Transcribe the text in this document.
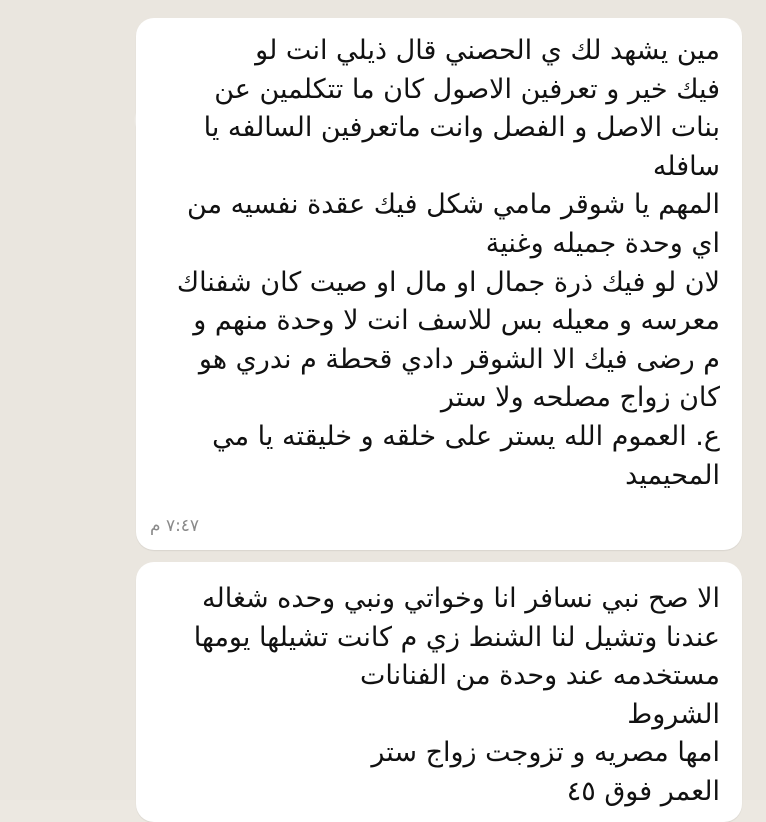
مين يشهد لك ي الحصني قال ذيلي انت لو
فيك خير و تعرفين الاصول كان ما تتكلمين عن
بنات الاصل و الفصل وانت ماتعرفين السالفه يا
سافله
المهم يا شوقر مامي شكل فيك عقدة نفسيه من
اي وحدة جميله وغنية
لان لو فيك ذرة جمال او مال او صيت كان شفناك
معرسه و معيله بس للاسف انت لا وحدة منهم و
م رضى فيك الا الشوقر دادي قحطة م ندري هو
كان زواج مصلحه ولا ستر
ع. العموم الله يستر على خلقه و خليقته يا مي
المحيميد
٧:٤٧ م
الا صح نبي نسافر انا وخواتي ونبي وحده شغاله
عندنا وتشيل لنا الشنط زي م كانت تشيلها يومها
مستخدمه عند وحدة من الفنانات
الشروط
امها مصريه و تزوجت زواج ستر
العمر فوق ٤٥
